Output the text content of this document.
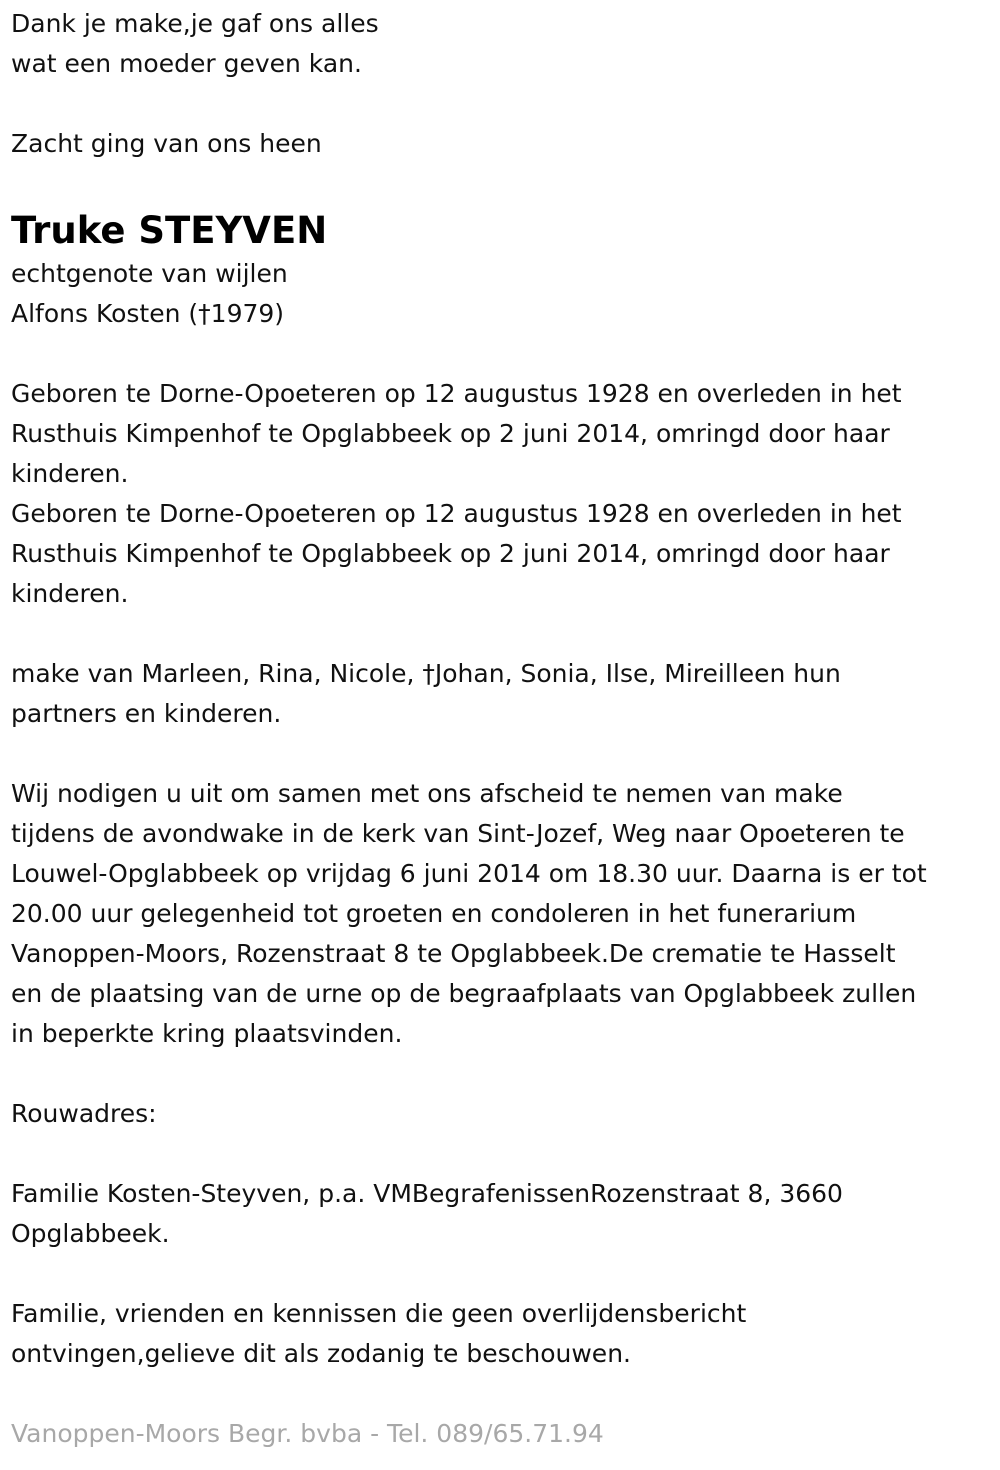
Dank je make,je gaf ons alles
wat een moeder geven kan.
Zacht ging van ons heen
Truke STEYVEN
echtgenote van wijlen
Alfons Kosten (†1979)
Geboren te Dorne-Opoeteren op 12 augustus 1928 en overleden in het
Rusthuis Kimpenhof te Opglabbeek op 2 juni 2014, omringd door haar
kinderen.
Geboren te Dorne-Opoeteren op 12 augustus 1928 en overleden in het
Rusthuis Kimpenhof te Opglabbeek op 2 juni 2014, omringd door haar
kinderen.
make van Marleen, Rina, Nicole, †Johan, Sonia, Ilse, Mireilleen hun
partners en kinderen.
Wij nodigen u uit om samen met ons afscheid te nemen van make
tijdens de avondwake in de kerk van Sint-Jozef, Weg naar Opoeteren te
Louwel-Opglabbeek op vrijdag 6 juni 2014 om 18.30 uur. Daarna is er tot
20.00 uur gelegenheid tot groeten en condoleren in het funerarium
Vanoppen-Moors, Rozenstraat 8 te Opglabbeek.De crematie te Hasselt
en de plaatsing van de urne op de begraafplaats van Opglabbeek zullen
in beperkte kring plaatsvinden.
Rouwadres:
Familie Kosten-Steyven, p.a. VMBegrafenissenRozenstraat 8, 3660
Opglabbeek.
Familie, vrienden en kennissen die geen overlijdensbericht
ontvingen,gelieve dit als zodanig te beschouwen.
Vanoppen-Moors Begr. bvba - Tel. 089/65.71.94
